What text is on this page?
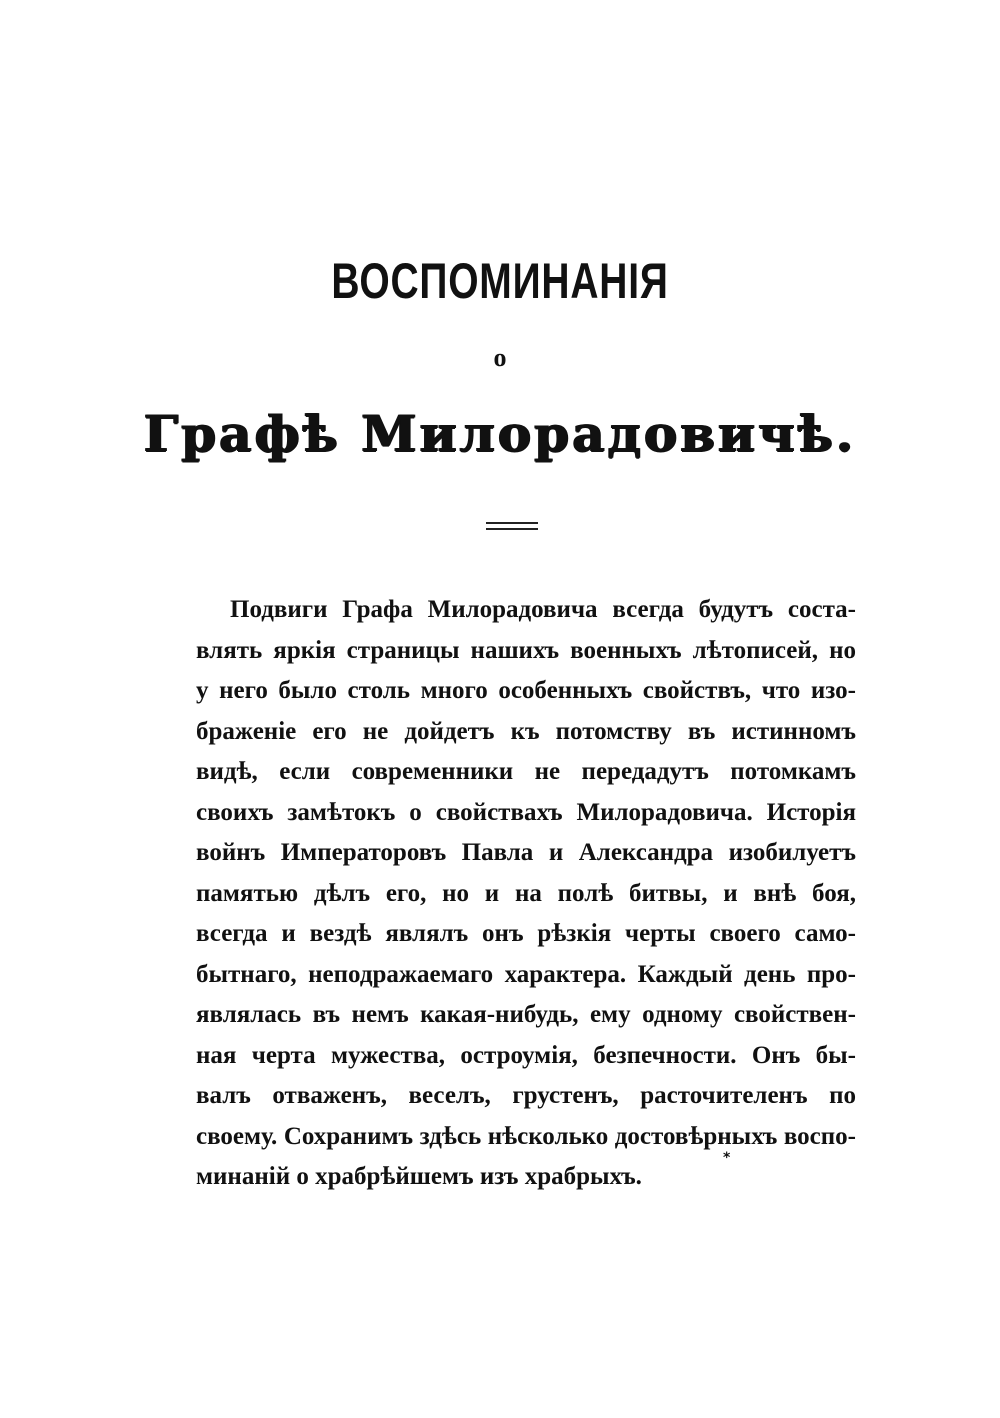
ВОСПОМИНАНІЯ
о
Графѣ Милорадовичѣ.
Подвиги Графа Милорадовича всегда будутъ соста-
влять яркія страницы нашихъ военныхъ лѣтописей, но
у него было столь много особенныхъ свойствъ, что изо-
браженіе его не дойдетъ къ потомству въ истинномъ
видѣ, если современники не передадутъ потомкамъ
своихъ замѣтокъ о свойствахъ Милорадовича. Исторія
войнъ Императоровъ Павла и Александра изобилуетъ
памятью дѣлъ его, но и на полѣ битвы, и внѣ боя,
всегда и вездѣ являлъ онъ рѣзкія черты своего само-
бытнаго, неподражаемаго характера. Каждый день про-
являлась въ немъ какая-нибудь, ему одному свойствен-
ная черта мужества, остроумія, безпечности. Онъ бы-
валъ отваженъ, веселъ, грустенъ, расточителенъ по
своему. Сохранимъ здѣсь нѣсколько достовѣрныхъ воспо-
минаній о храбрѣйшемъ изъ храбрыхъ.
*
